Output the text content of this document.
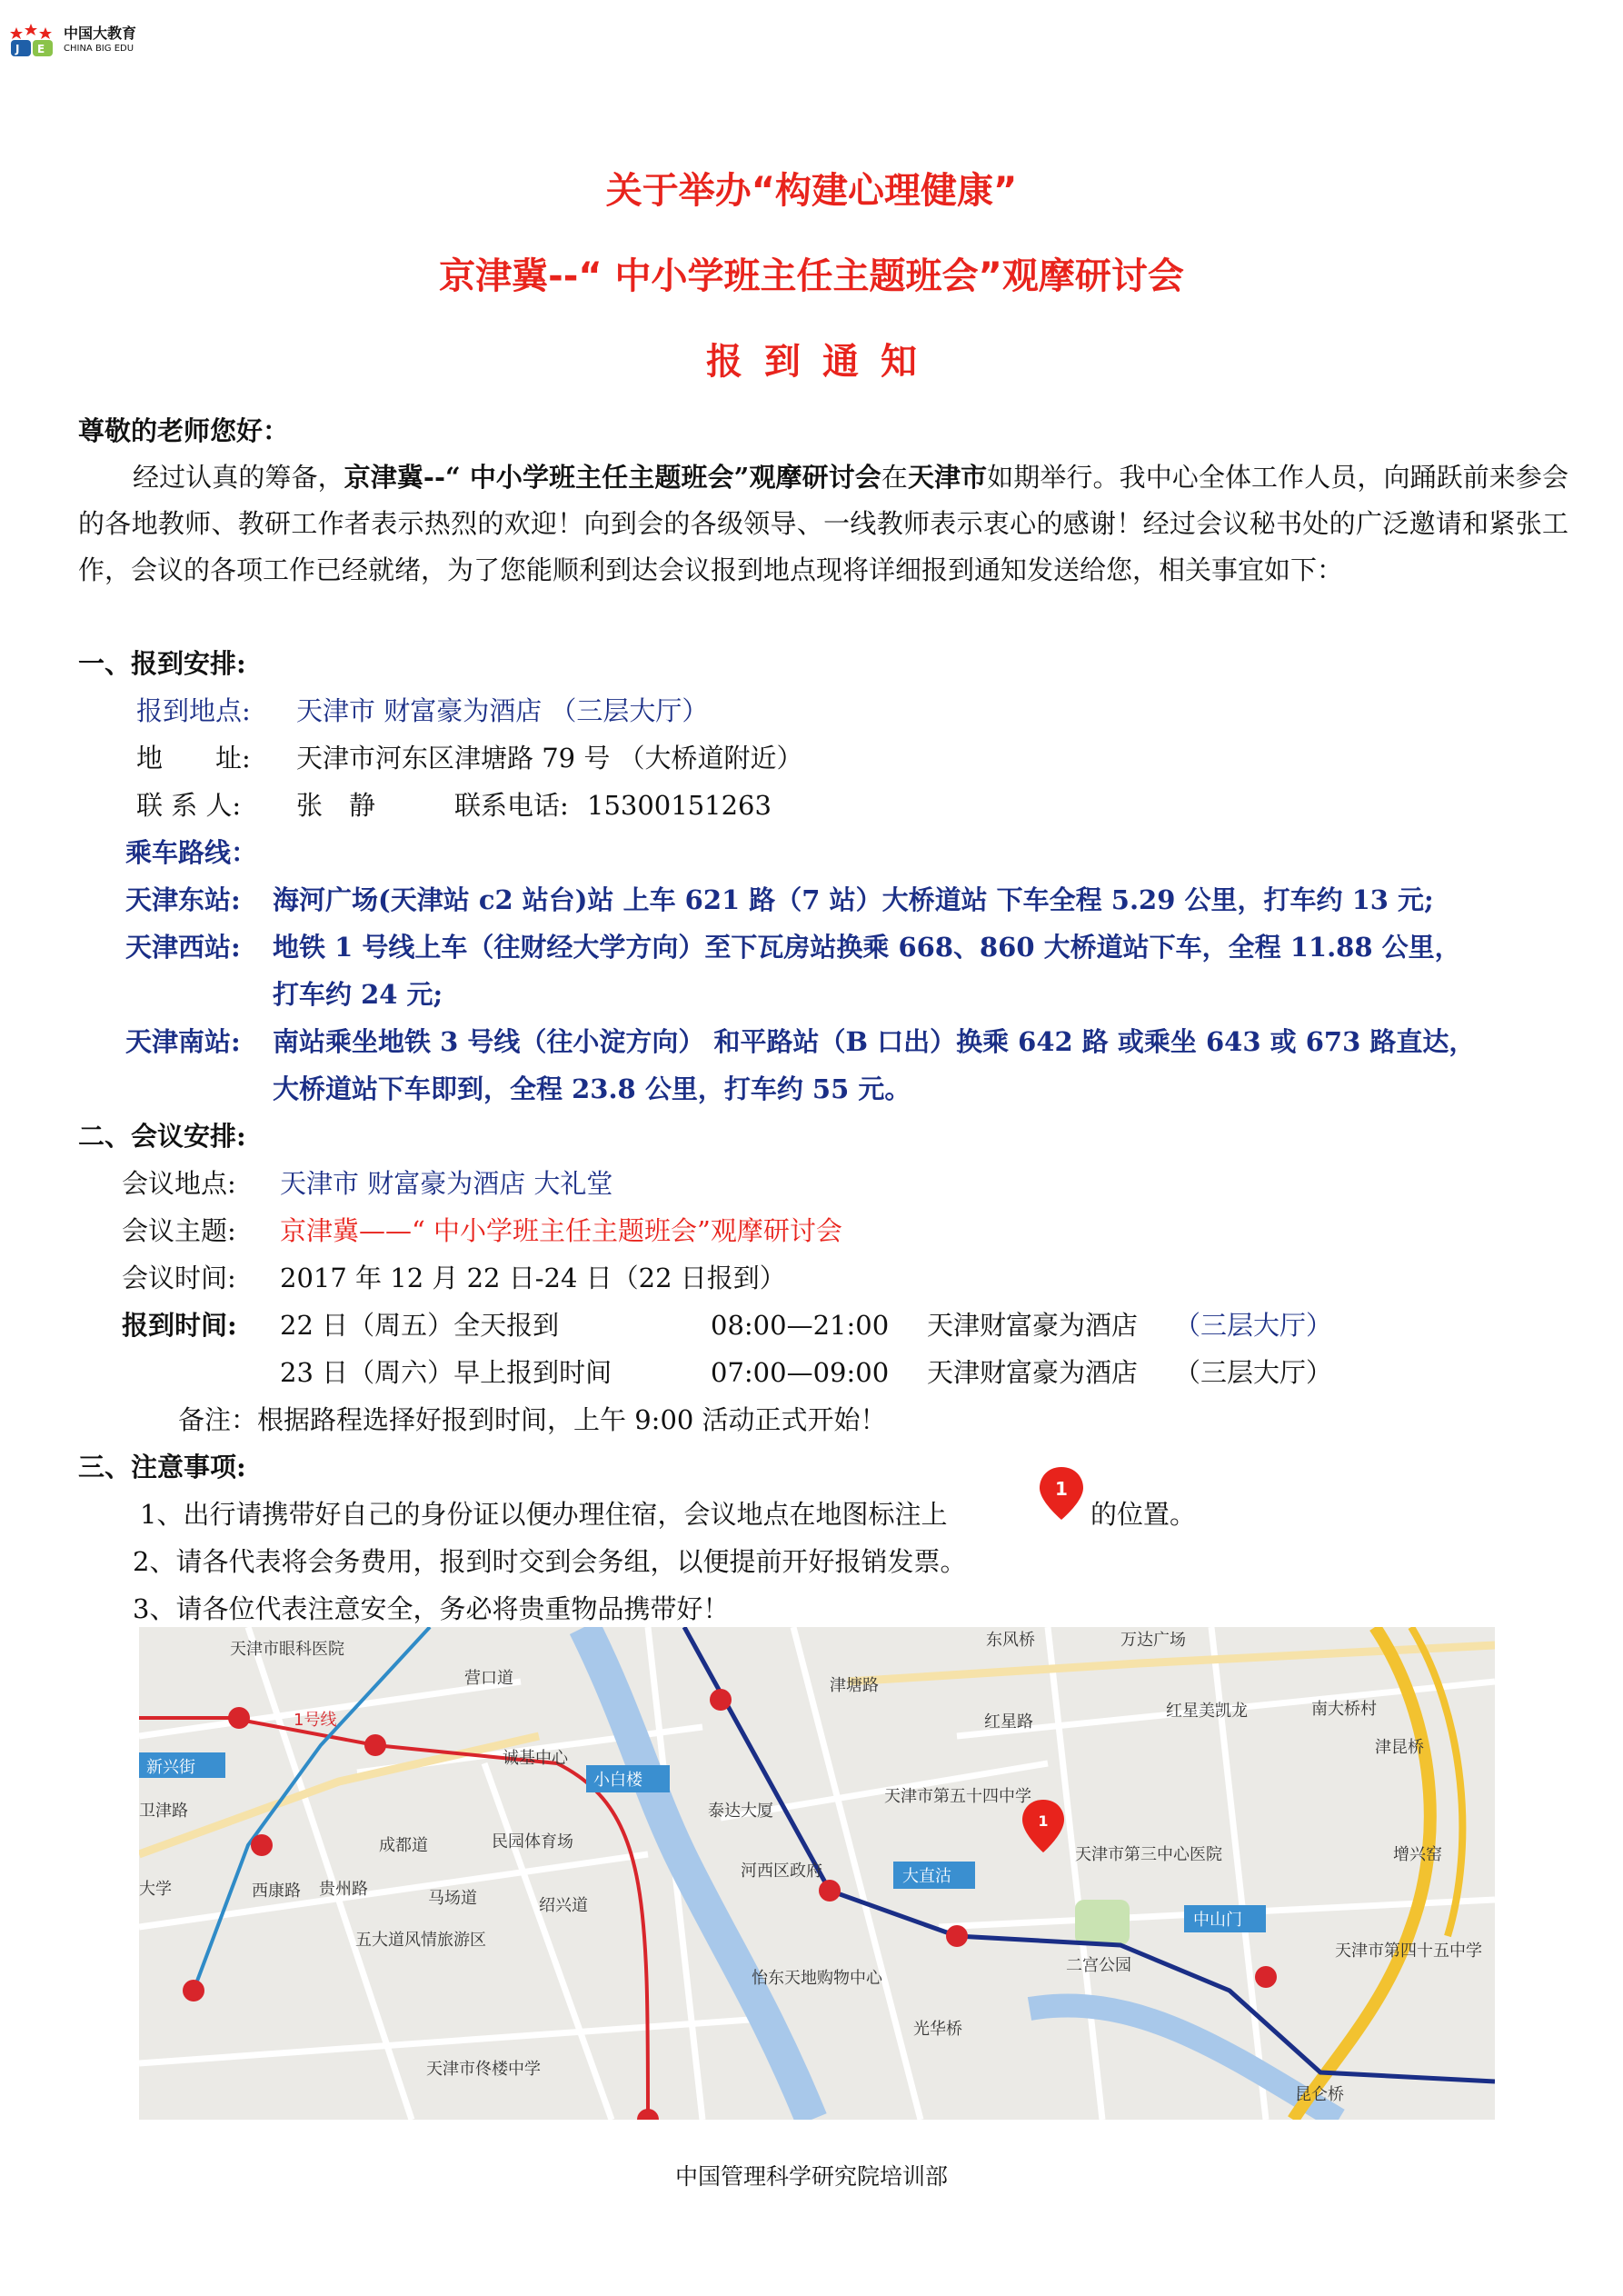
J E
中国大教育
CHINA BIG EDU
关于举办“构建心理健康”
京津冀--“ 中小学班主任主题班会”观摩研讨会
报到通知
尊敬的老师您好：
经过认真的筹备，京津冀--“ 中小学班主任主题班会”观摩研讨会在天津市如期举行。我中心全体工作人员，向踊跃前来参会的各地教师、教研工作者表示热烈的欢迎！向到会的各级领导、一线教师表示衷心的感谢！经过会议秘书处的广泛邀请和紧张工作，会议的各项工作已经就绪，为了您能顺利到达会议报到地点现将详细报到通知发送给您，相关事宜如下：
一、报到安排:
报到地点: 天津市 财富豪为酒店 （三层大厅）
地　　址: 天津市河东区津塘路 79 号 （大桥道附近）
联 系 人: 张　静	联系电话: 15300151263
乘车路线：
天津东站: 海河广场(天津站 c2 站台)站 上车 621 路（7 站）大桥道站 下车全程 5.29 公里，打车约 13 元;
天津西站: 地铁 1 号线上车（往财经大学方向）至下瓦房站换乘 668、860 大桥道站下车，全程 11.88 公里，
打车约 24 元;
天津南站: 南站乘坐地铁 3 号线（往小淀方向） 和平路站（B 口出）换乘 642 路 或乘坐 643 或 673 路直达，
大桥道站下车即到，全程 23.8 公里，打车约 55 元。
二、会议安排:
会议地点: 天津市 财富豪为酒店 大礼堂
会议主题: 京津冀——“ 中小学班主任主题班会”观摩研讨会
会议时间: 2017 年 12 月 22 日-24 日（22 日报到）
报到时间: 22 日（周五）全天报到	08:00—21:00 天津财富豪为酒店 （三层大厅）
23 日（周六）早上报到时间	07:00—09:00 天津财富豪为酒店 （三层大厅）
备注：根据路程选择好报到时间，上午 9:00 活动正式开始！
三、注意事项:
1、出行请携带好自己的身份证以便办理住宿，会议地点在地图标注上
1
的位置。
2、请各代表将会务费用，报到时交到会务组，以便提前开好报销发票。
3、请各位代表注意安全，务必将贵重物品携带好！
天津市眼科医院
1号线
新兴街	诚基中心
小白楼
泰达大厦
民园体育场
河西区政府
五大道风情旅游区
怡东天地购物中心
天津市佟楼中学
天津市第五十四中学
大直沽
天津市第三中心医院
中山门
二宫公园
光华桥
天津市第四十五中学
昆仑桥
东风桥	万达广场
红星美凯龙	南大桥村
津昆桥
增兴窑
营口道	津塘路
红星路
贵州路
成都道
马场道	绍兴道
西康路
卫津路
大学
1
中国管理科学研究院培训部
